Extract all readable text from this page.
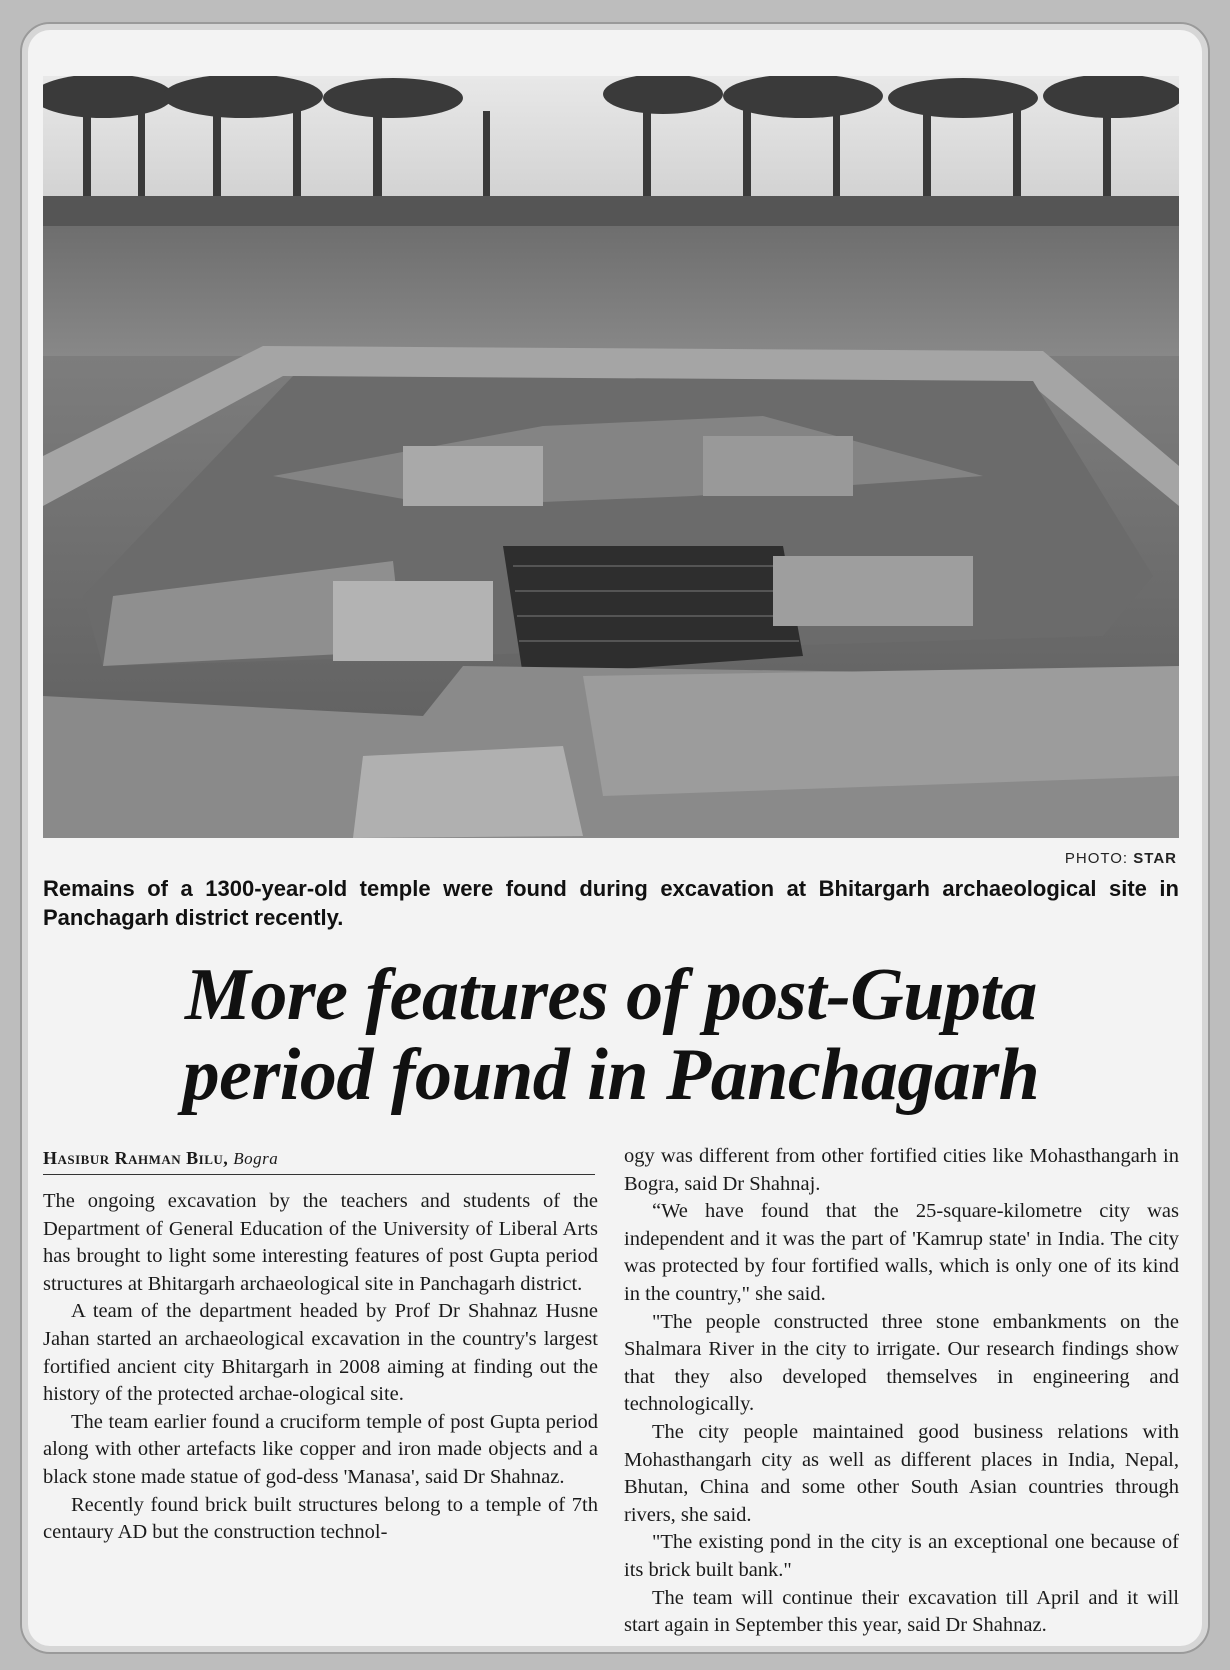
PHOTO: STAR
Remains of a 1300-year-old temple were found during excavation at Bhitargarh archaeological site in Panchagarh district recently.
More features of post-Gupta
period found in Panchagarh
Hasibur Rahman Bilu, Bogra

The ongoing excavation by the teachers and students of the Department of General Education of the University of Liberal Arts has brought to light some interesting features of post Gupta period structures at Bhitargarh archaeological site in Panchagarh district.

A team of the department headed by Prof Dr Shahnaz Husne Jahan started an archaeological excavation in the country's largest fortified ancient city Bhitargarh in 2008 aiming at finding out the history of the protected archae-ological site.

The team earlier found a cruciform temple of post Gupta period along with other artefacts like copper and iron made objects and a black stone made statue of god-dess 'Manasa', said Dr Shahnaz.

Recently found brick built structures belong to a temple of 7th centaury AD but the construction technol-

ogy was different from other fortified cities like Mohasthangarh in Bogra, said Dr Shahnaj.

“We have found that the 25-square-kilometre city was independent and it was the part of 'Kamrup state' in India. The city was protected by four fortified walls, which is only one of its kind in the country," she said.

"The people constructed three stone embankments on the Shalmara River in the city to irrigate. Our research findings show that they also developed themselves in engineering and technologically.

The city people maintained good business relations with Mohasthangarh city as well as different places in India, Nepal, Bhutan, China and some other South Asian countries through rivers, she said.

"The existing pond in the city is an exceptional one because of its brick built bank."

The team will continue their excavation till April and it will start again in September this year, said Dr Shahnaz.
